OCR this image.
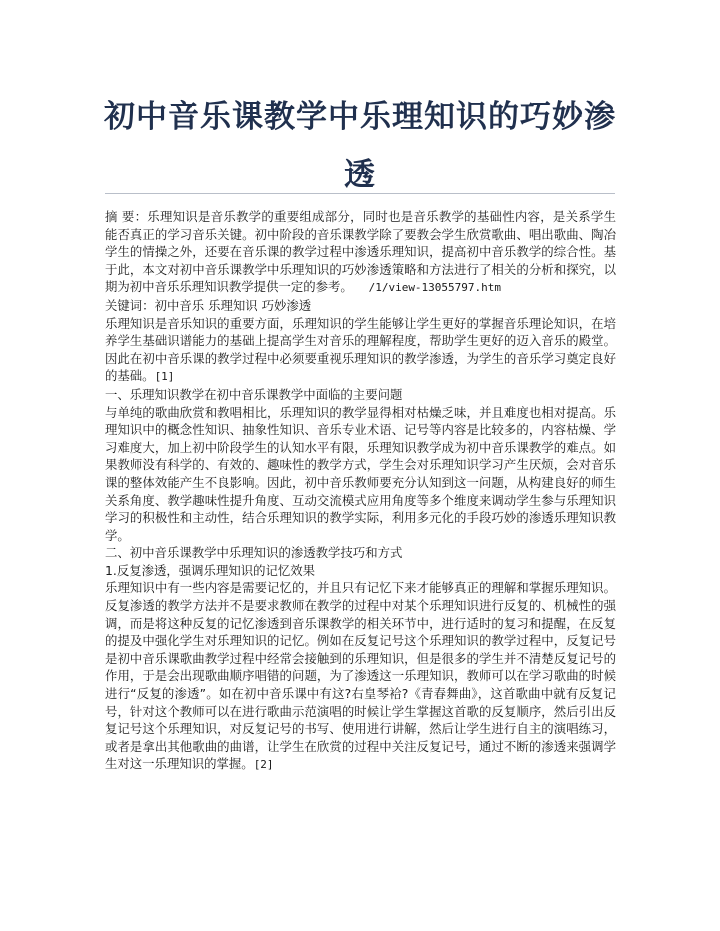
初中音乐课教学中乐理知识的巧妙渗透

摘 要：乐理知识是音乐教学的重要组成部分，同时也是音乐教学的基础性内容，是关系学生能否真正的学习音乐关键。初中阶段的音乐课教学除了要教会学生欣赏歌曲、唱出歌曲、陶冶学生的情操之外，还要在音乐课的教学过程中渗透乐理知识，提高初中音乐教学的综合性。基于此，本文对初中音乐课教学中乐理知识的巧妙渗透策略和方法进行了相关的分析和探究，以期为初中音乐乐理知识教学提供一定的参考。 /1/view-13055797.htm

关键词：初中音乐 乐理知识 巧妙渗透

乐理知识是音乐知识的重要方面，乐理知识的学生能够让学生更好的掌握音乐理论知识，在培养学生基础识谱能力的基础上提高学生对音乐的理解程度，帮助学生更好的迈入音乐的殿堂。因此在初中音乐课的教学过程中必须要重视乐理知识的教学渗透，为学生的音乐学习奠定良好的基础。[1]

一、乐理知识教学在初中音乐课教学中面临的主要问题

与单纯的歌曲欣赏和教唱相比，乐理知识的教学显得相对枯燥乏味，并且难度也相对提高。乐理知识中的概念性知识、抽象性知识、音乐专业术语、记号等内容是比较多的，内容枯燥、学习难度大，加上初中阶段学生的认知水平有限，乐理知识教学成为初中音乐课教学的难点。如果教师没有科学的、有效的、趣味性的教学方式，学生会对乐理知识学习产生厌烦，会对音乐课的整体效能产生不良影响。因此，初中音乐教师要充分认知到这一问题，从构建良好的师生关系角度、教学趣味性提升角度、互动交流模式应用角度等多个维度来调动学生参与乐理知识学习的积极性和主动性，结合乐理知识的教学实际，利用多元化的手段巧妙的渗透乐理知识教学。

二、初中音乐课教学中乐理知识的渗透教学技巧和方式

1.反复渗透，强调乐理知识的记忆效果

乐理知识中有一些内容是需要记忆的，并且只有记忆下来才能够真正的理解和掌握乐理知识。反复渗透的教学方法并不是要求教师在教学的过程中对某个乐理知识进行反复的、机械性的强调，而是将这种反复的记忆渗透到音乐课教学的相关环节中，进行适时的复习和提醒，在反复的提及中强化学生对乐理知识的记忆。例如在反复记号这个乐理知识的教学过程中，反复记号是初中音乐课歌曲教学过程中经常会接触到的乐理知识，但是很多的学生并不清楚反复记号的作用，于是会出现歌曲顺序唱错的问题，为了渗透这一乐理知识，教师可以在学习歌曲的时候进行“反复的渗透”。如在初中音乐课中有这?右皇琴袷?《青春舞曲》，这首歌曲中就有反复记号，针对这个教师可以在进行歌曲示范演唱的时候让学生掌握这首歌的反复顺序，然后引出反复记号这个乐理知识，对反复记号的书写、使用进行讲解，然后让学生进行自主的演唱练习，或者是拿出其他歌曲的曲谱，让学生在欣赏的过程中关注反复记号，通过不断的渗透来强调学生对这一乐理知识的掌握。[2]
